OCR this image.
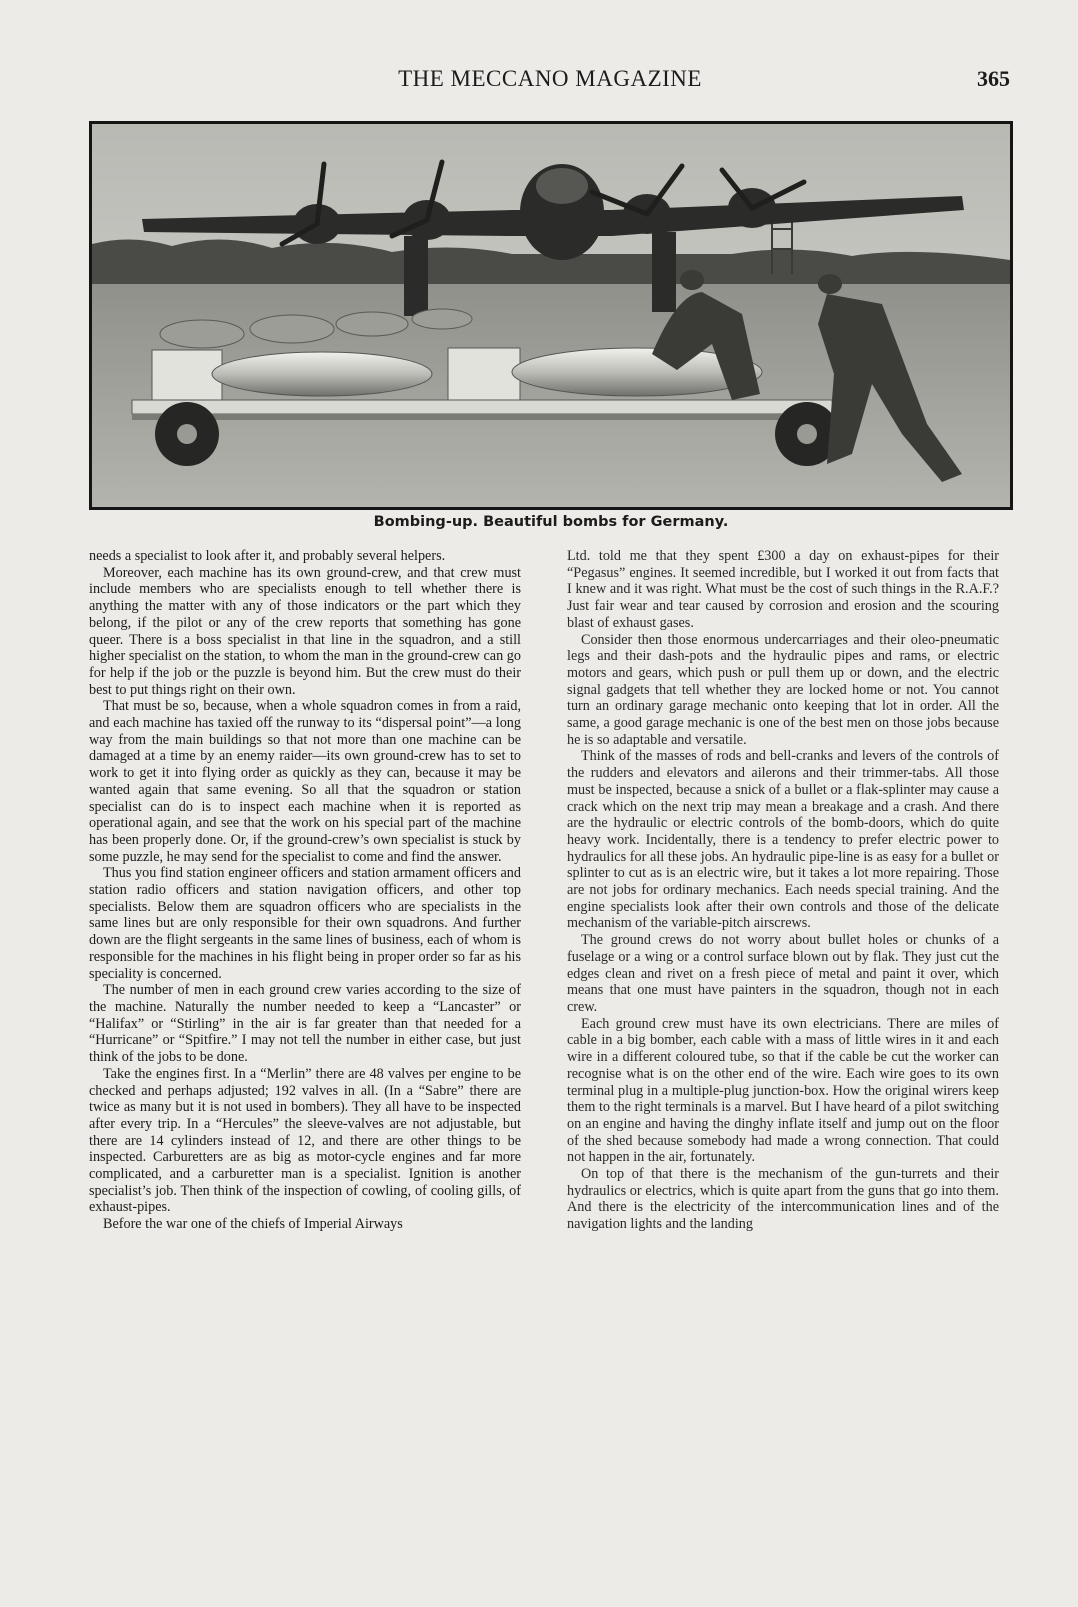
THE MECCANO MAGAZINE	365
Bombing-up. Beautiful bombs for Germany.

needs a specialist to look after it, and probably several helpers.

Moreover, each machine has its own ground-crew, and that crew must include members who are specialists enough to tell whether there is anything the matter with any of those indicators or the part which they belong, if the pilot or any of the crew reports that something has gone queer. There is a boss specialist in that line in the squadron, and a still higher specialist on the station, to whom the man in the ground-crew can go for help if the job or the puzzle is beyond him. But the crew must do their best to put things right on their own.

That must be so, because, when a whole squadron comes in from a raid, and each machine has taxied off the runway to its “dispersal point”—a long way from the main buildings so that not more than one machine can be damaged at a time by an enemy raider—its own ground-crew has to set to work to get it into flying order as quickly as they can, because it may be wanted again that same evening. So all that the squadron or station specialist can do is to inspect each machine when it is reported as operational again, and see that the work on his special part of the machine has been properly done. Or, if the ground-crew’s own specialist is stuck by some puzzle, he may send for the specialist to come and find the answer.

Thus you find station engineer officers and station armament officers and station radio officers and station navigation officers, and other top specialists. Below them are squadron officers who are specialists in the same lines but are only responsible for their own squadrons. And further down are the flight sergeants in the same lines of business, each of whom is responsible for the machines in his flight being in proper order so far as his speciality is concerned.

The number of men in each ground crew varies according to the size of the machine. Naturally the number needed to keep a “Lancaster” or “Halifax” or “Stirling” in the air is far greater than that needed for a “Hurricane” or “Spitfire.” I may not tell the number in either case, but just think of the jobs to be done.

Take the engines first. In a “Merlin” there are 48 valves per engine to be checked and perhaps adjusted; 192 valves in all. (In a “Sabre” there are twice as many but it is not used in bombers). They all have to be inspected after every trip. In a “Hercules” the sleeve-valves are not adjustable, but there are 14 cylinders instead of 12, and there are other things to be inspected. Carburetters are as big as motor-cycle engines and far more complicated, and a carburetter man is a specialist. Ignition is another specialist’s job. Then think of the inspection of cowling, of cooling gills, of exhaust-pipes.

Before the war one of the chiefs of Imperial Airways

Ltd. told me that they spent £300 a day on exhaust-pipes for their “Pegasus” engines. It seemed incredible, but I worked it out from facts that I knew and it was right. What must be the cost of such things in the R.A.F.? Just fair wear and tear caused by corrosion and erosion and the scouring blast of exhaust gases.

Consider then those enormous undercarriages and their oleo-pneumatic legs and their dash-pots and the hydraulic pipes and rams, or electric motors and gears, which push or pull them up or down, and the electric signal gadgets that tell whether they are locked home or not. You cannot turn an ordinary garage mechanic onto keeping that lot in order. All the same, a good garage mechanic is one of the best men on those jobs because he is so adaptable and versatile.

Think of the masses of rods and bell-cranks and levers of the controls of the rudders and elevators and ailerons and their trimmer-tabs. All those must be inspected, because a snick of a bullet or a flak-splinter may cause a crack which on the next trip may mean a breakage and a crash. And there are the hydraulic or electric controls of the bomb-doors, which do quite heavy work. Incidentally, there is a tendency to prefer electric power to hydraulics for all these jobs. An hydraulic pipe-line is as easy for a bullet or splinter to cut as is an electric wire, but it takes a lot more repairing. Those are not jobs for ordinary mechanics. Each needs special training. And the engine specialists look after their own controls and those of the delicate mechanism of the variable-pitch airscrews.

The ground crews do not worry about bullet holes or chunks of a fuselage or a wing or a control surface blown out by flak. They just cut the edges clean and rivet on a fresh piece of metal and paint it over, which means that one must have painters in the squadron, though not in each crew.

Each ground crew must have its own electricians. There are miles of cable in a big bomber, each cable with a mass of little wires in it and each wire in a different coloured tube, so that if the cable be cut the worker can recognise what is on the other end of the wire. Each wire goes to its own terminal plug in a multiple-plug junction-box. How the original wirers keep them to the right terminals is a marvel. But I have heard of a pilot switching on an engine and having the dinghy inflate itself and jump out on the floor of the shed because somebody had made a wrong connection. That could not happen in the air, fortunately.

On top of that there is the mechanism of the gun-turrets and their hydraulics or electrics, which is quite apart from the guns that go into them. And there is the electricity of the intercommunication lines and of the navigation lights and the landing
